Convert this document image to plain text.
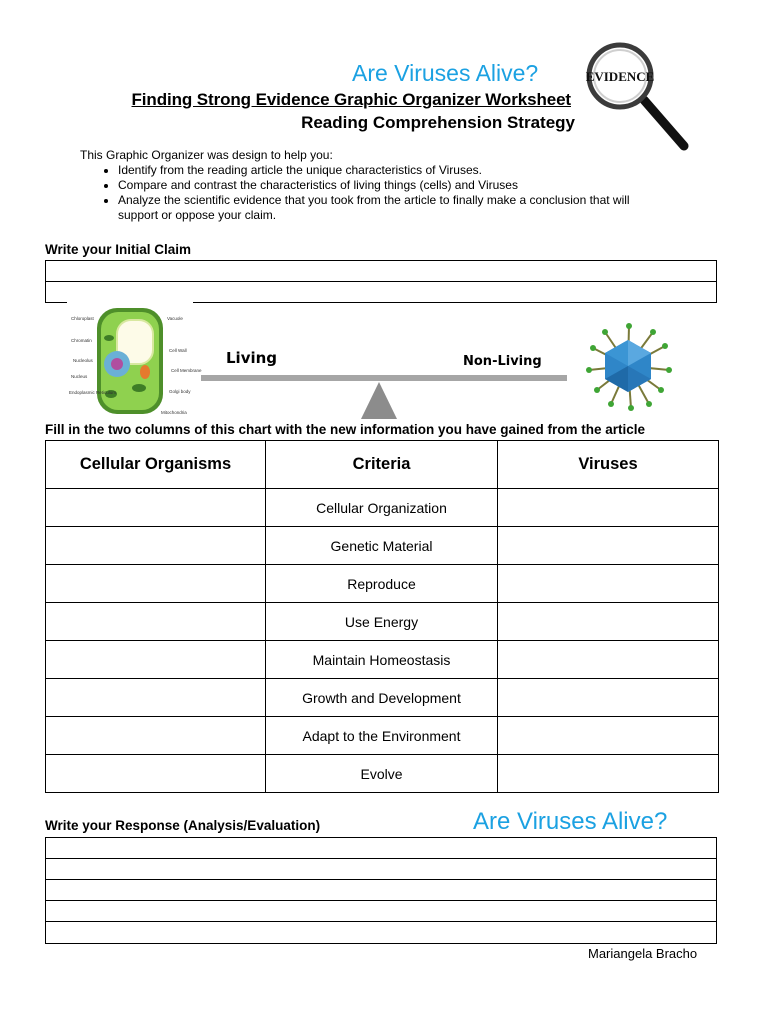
Are Viruses Alive?
Finding Strong Evidence Graphic Organizer Worksheet
Reading Comprehension Strategy
EVIDENCE
This Graphic Organizer was design to help you:
• Identify from the reading article the unique characteristics of Viruses.
• Compare and contrast the characteristics of living things (cells) and Viruses
• Analyze the scientific evidence that you took from the article to finally make a conclusion that will support or oppose your claim.
Write your Initial Claim
Chloroplast	Vacuole
Chromatin
Cell Wall
Nucleolus
Cell Membrane
Nucleus
Golgi body
Endoplasmic Reticulum
Mitochondria
Living	Non-Living
Fill in the two columns of this chart with the new information you have gained from the article
Cellular Organisms	Criteria	Viruses
	Cellular Organization	
	Genetic Material	
	Reproduce	
	Use Energy	
	Maintain Homeostasis	
	Growth and Development	
	Adapt to the Environment	
	Evolve	
Write your Response (Analysis/Evaluation)	Are Viruses Alive?
Mariangela Bracho
